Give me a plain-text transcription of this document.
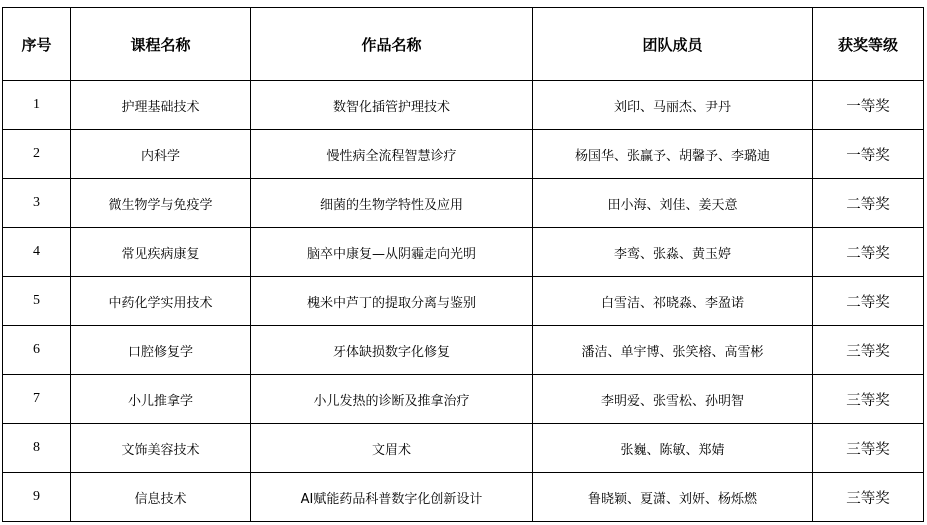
序号	课程名称	作品名称	团队成员	获奖等级
1	护理基础技术	数智化插管护理技术	刘印、马丽杰、尹丹	一等奖
2	内科学	慢性病全流程智慧诊疗	杨国华、张赢予、胡馨予、李璐迪	一等奖
3	微生物学与免疫学	细菌的生物学特性及应用	田小海、刘佳、姜天意	二等奖
4	常见疾病康复	脑卒中康复—从阴霾走向光明	李鸾、张淼、黄玉婷	二等奖
5	中药化学实用技术	槐米中芦丁的提取分离与鉴别	白雪洁、祁晓淼、李盈诺	二等奖
6	口腔修复学	牙体缺损数字化修复	潘洁、单宇博、张笑榕、高雪彬	三等奖
7	小儿推拿学	小儿发热的诊断及推拿治疗	李明爱、张雪松、孙明智	三等奖
8	文饰美容技术	文眉术	张巍、陈敏、郑婧	三等奖
9	信息技术	AI赋能药品科普数字化创新设计	鲁晓颖、夏潇、刘妍、杨烁燃	三等奖
